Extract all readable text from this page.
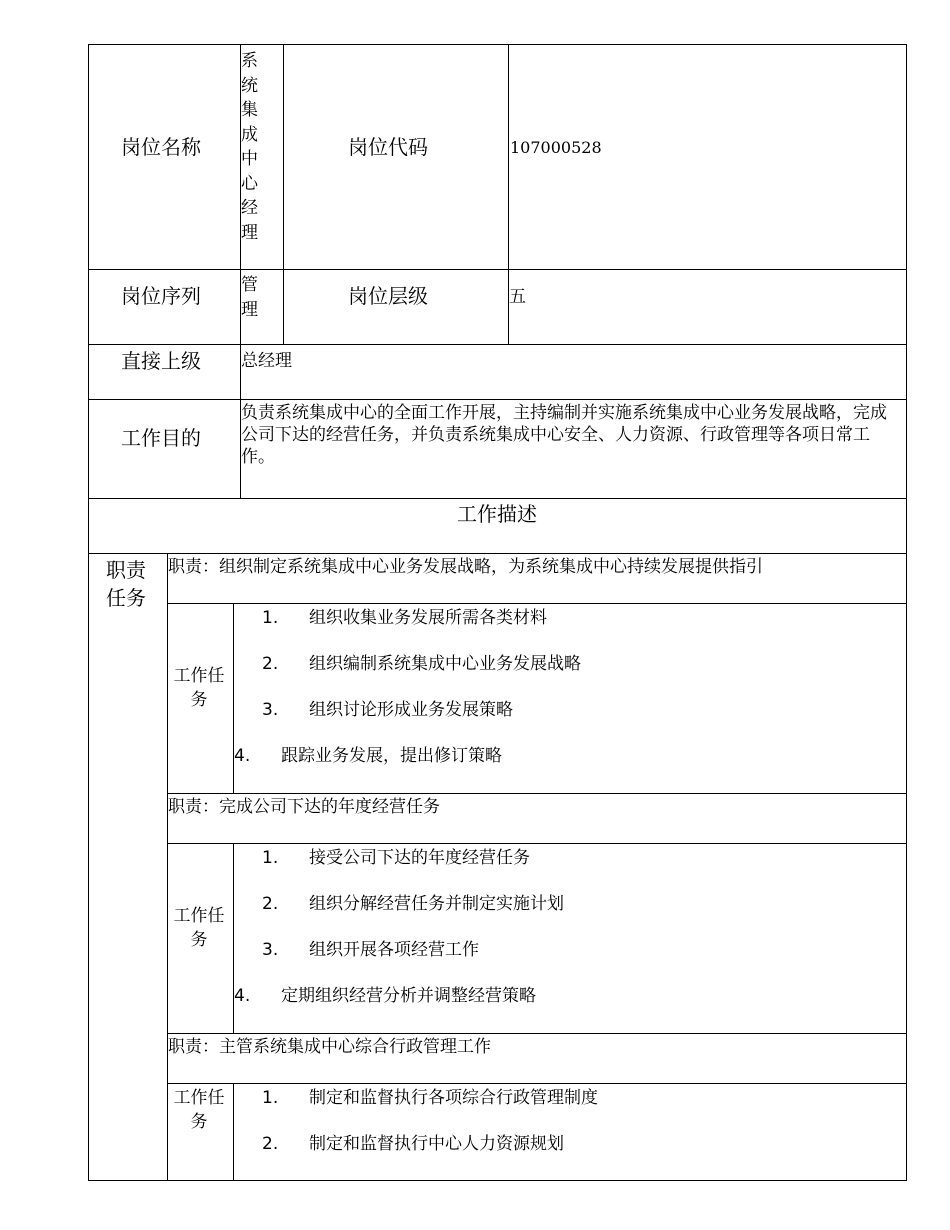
岗位名称
系统集成中心经理
岗位代码	107000528
岗位序列 管理
岗位层级	五
直接上级 总经理
工作目的
负责系统集成中心的全面工作开展，主持编制并实施系统集成中心业务发展战略，完成公司下达的经营任务，并负责系统集成中心安全、人力资源、行政管理等各项日常工作。
工作描述
职责任务
职责：组织制定系统集成中心业务发展战略，为系统集成中心持续发展提供指引
工作任务
1. 组织收集业务发展所需各类材料
2. 组织编制系统集成中心业务发展战略
3. 组织讨论形成业务发展策略
4. 跟踪业务发展，提出修订策略
职责：完成公司下达的年度经营任务
工作任务
1. 接受公司下达的年度经营任务
2. 组织分解经营任务并制定实施计划
3. 组织开展各项经营工作
4. 定期组织经营分析并调整经营策略
职责：主管系统集成中心综合行政管理工作
工作任务
1. 制定和监督执行各项综合行政管理制度
2. 制定和监督执行中心人力资源规划
